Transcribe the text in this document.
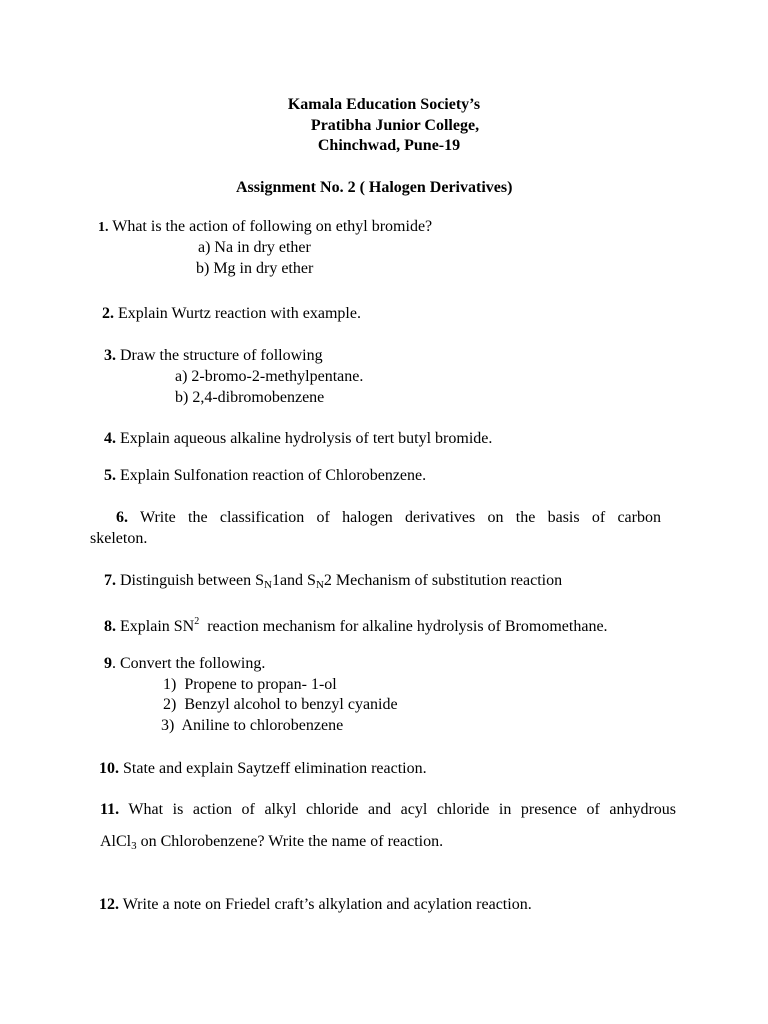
Kamala Education Society’s
Pratibha Junior College,
Chinchwad, Pune-19
Assignment No. 2 ( Halogen Derivatives)
1. What is the action of following on ethyl bromide?
a) Na in dry ether
b) Mg in dry ether
2. Explain Wurtz reaction with example.
3. Draw the structure of following
a) 2-bromo-2-methylpentane.
b) 2,4-dibromobenzene
4. Explain aqueous alkaline hydrolysis of tert butyl bromide.
5. Explain Sulfonation reaction of Chlorobenzene.
6. Write the classification of halogen derivatives on the basis of carbon
skeleton.
7. Distinguish between $S_N1and$ $S_N2$ Mechanism of substitution reaction
8. Explain $SN^2$  reaction mechanism for alkaline hydrolysis of Bromomethane.
9. Convert the following.
1)  Propene to propan- 1-ol
2)  Benzyl alcohol to benzyl cyanide
3)  Aniline to chlorobenzene
10. State and explain Saytzeff elimination reaction.
11. What is action of alkyl chloride and acyl chloride in presence of anhydrous
AlCl$_3$ on Chlorobenzene? Write the name of reaction.
12. Write a note on Friedel craft’s alkylation and acylation reaction.
